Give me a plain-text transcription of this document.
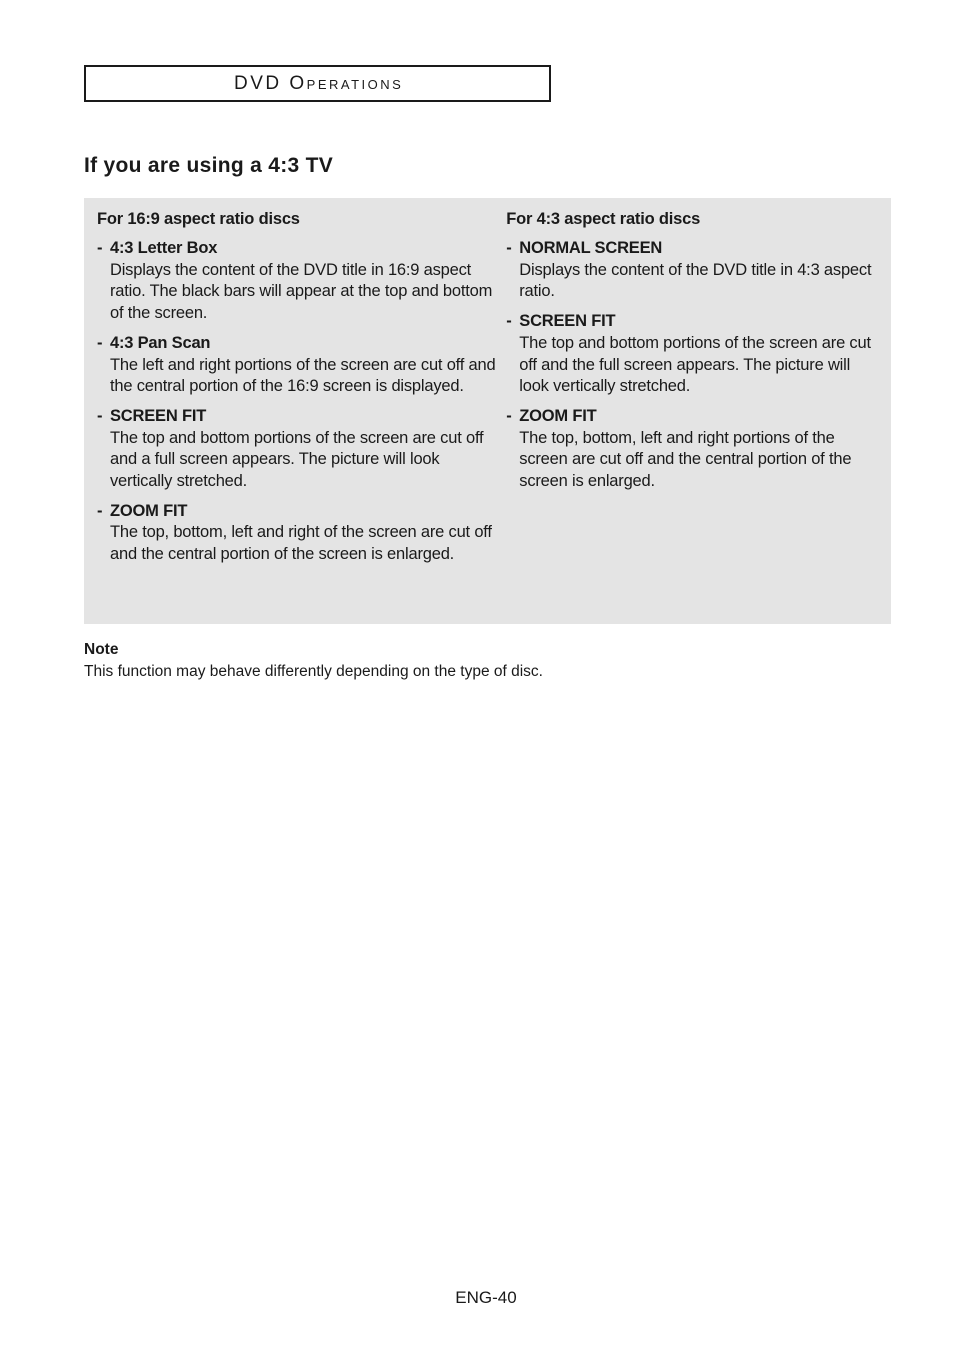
DVD Operations
If you are using a 4:3 TV
For 16:9 aspect ratio discs
- 4:3 Letter Box
Displays the content of the DVD title in 16:9 aspect ratio. The black bars will appear at the top and bottom of the screen.
- 4:3 Pan Scan
The left and right portions of the screen are cut off and the central portion of the 16:9 screen is displayed.
- SCREEN FIT
The top and bottom portions of the screen are cut off and a full screen appears. The picture will look vertically stretched.
- ZOOM FIT
The top, bottom, left and right of the screen are cut off and the central portion of the screen is enlarged.
For 4:3 aspect ratio discs
- NORMAL SCREEN
Displays the content of the DVD title in 4:3 aspect ratio.
- SCREEN FIT
The top and bottom portions of the screen are cut off and the full screen appears. The picture will look vertically stretched.
- ZOOM FIT
The top, bottom, left and right portions of the screen are cut off and the central portion of the screen is enlarged.
Note
This function may behave differently depending on the type of disc.
ENG-40
